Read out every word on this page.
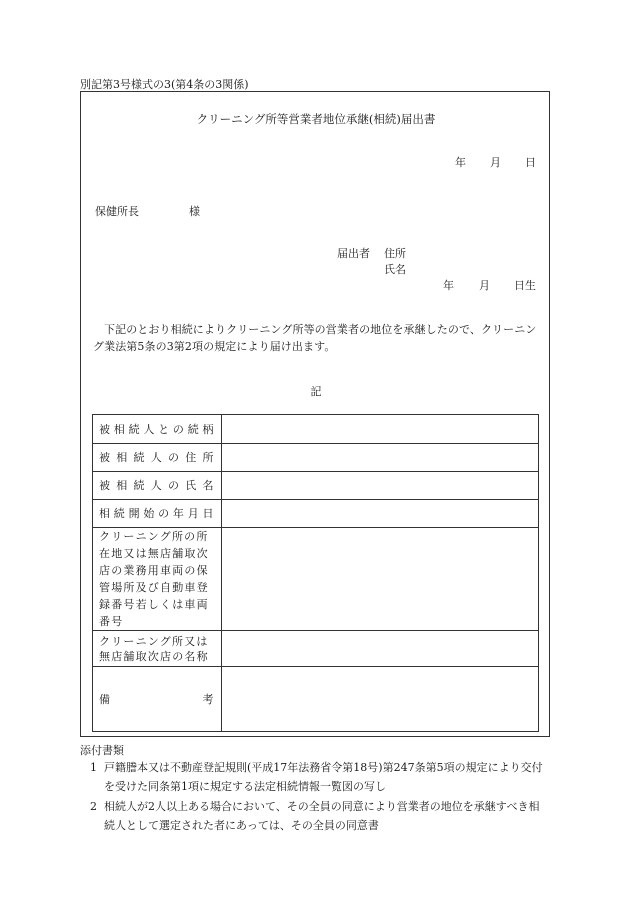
別記第3号様式の3(第4条の3関係)
クリーニング所等営業者地位承継(相続)届出書
年 月 日
保健所長	様
届出者 住所
氏名
年 月 日生
下記のとおり相続によりクリーニング所等の営業者の地位を承継したので、クリーニング業法第5条の3第2項の規定により届け出ます。
記
被相続人との続柄	
被相続人の住所	
被相続人の氏名	
相続開始の年月日	
クリーニング所の所在地又は無店舗取次店の業務用車両の保管場所及び自動車登録番号若しくは車両番号	
クリーニング所又は無店舗取次店の名称	

備 考	

添付書類
1 戸籍謄本又は不動産登記規則(平成17年法務省令第18号)第247条第5項の規定により交付を受けた同条第1項に規定する法定相続情報一覧図の写し
2 相続人が2人以上ある場合において、その全員の同意により営業者の地位を承継すべき相続人として選定された者にあっては、その全員の同意書
